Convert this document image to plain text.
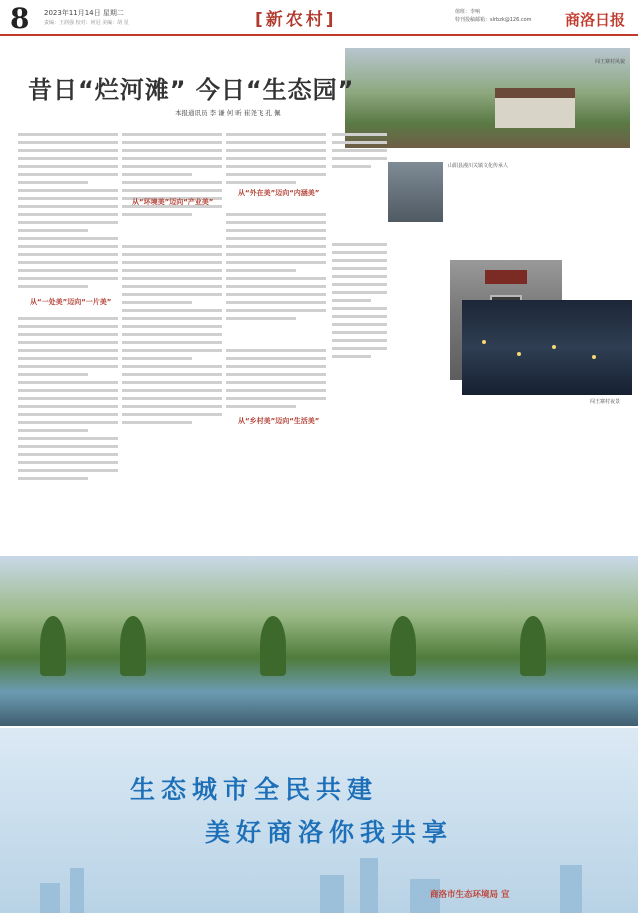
8 2023年11月14日 星期二
责编：王润强 校对：何冠 美编：胡 星	[新农村]	值班：李响
特刊投稿邮箱：slrbzk@126.com	商洛日报
闯王寨村风貌
昔日“烂河滩” 今日“生态园”
本报通讯员 李 谦 何 昕 崔尧飞 孔 佩
从“一处美”迈向“一片美”
从“环境美”迈向“产业美”
从“外在美”迈向“内涵美”
从“乡村美”迈向“生活美”
山阳县漫川关镇文化传承人
闯王寨村夜景
生态城市全民共建
美好商洛你我共享
商洛市生态环境局 宣
